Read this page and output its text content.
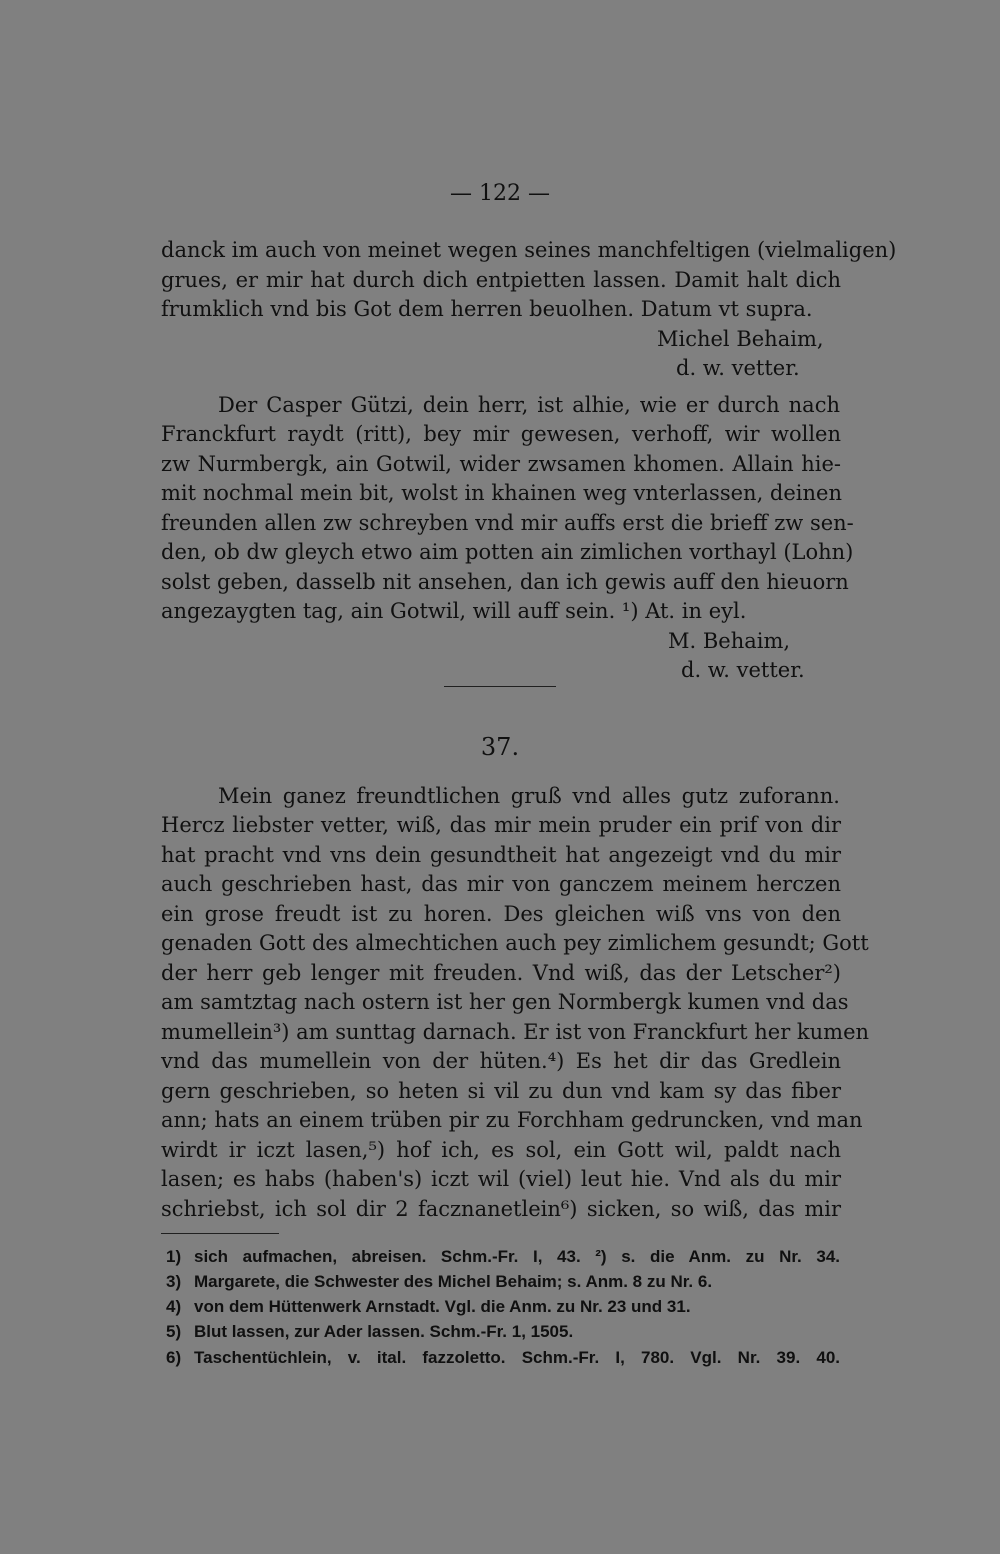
— 122 —
danck im auch von meinet wegen seines manchfeltigen (vielmaligen)
grues, er mir hat durch dich entpietten lassen. Damit halt dich
frumklich vnd bis Got dem herren beuolhen. Datum vt supra.
Michel Behaim,
d. w. vetter.
Der Casper Gützi, dein herr, ist alhie, wie er durch nach
Franckfurt raydt (ritt), bey mir gewesen, verhoff, wir wollen
zw Nurmbergk, ain Gotwil, wider zwsamen khomen. Allain hie-
mit nochmal mein bit, wolst in khainen weg vnterlassen, deinen
freunden allen zw schreyben vnd mir auffs erst die brieff zw sen-
den, ob dw gleych etwo aim potten ain zimlichen vorthayl (Lohn)
solst geben, dasselb nit ansehen, dan ich gewis auff den hieuorn
angezaygten tag, ain Gotwil, will auff sein. ¹) At. in eyl.
M. Behaim,
d. w. vetter.
37.
Mein ganez freundtlichen gruß vnd alles gutz zuforann.
Hercz liebster vetter, wiß, das mir mein pruder ein prif von dir
hat pracht vnd vns dein gesundtheit hat angezeigt vnd du mir
auch geschrieben hast, das mir von ganczem meinem herczen
ein grose freudt ist zu horen. Des gleichen wiß vns von den
genaden Gott des almechtichen auch pey zimlichem gesundt; Gott
der herr geb lenger mit freuden. Vnd wiß, das der Letscher²)
am samtztag nach ostern ist her gen Normbergk kumen vnd das
mumellein³) am sunttag darnach. Er ist von Franckfurt her kumen
vnd das mumellein von der hüten.⁴) Es het dir das Gredlein
gern geschrieben, so heten si vil zu dun vnd kam sy das fiber
ann; hats an einem trüben pir zu Forchham gedruncken, vnd man
wirdt ir iczt lasen,⁵) hof ich, es sol, ein Gott wil, paldt nach
lasen; es habs (haben's) iczt wil (viel) leut hie. Vnd als du mir
schriebst, ich sol dir 2 facznanetlein⁶) sicken, so wiß, das mir
1) sich aufmachen, abreisen. Schm.-Fr. I, 43. ²) s. die Anm. zu Nr. 34.
3) Margarete, die Schwester des Michel Behaim; s. Anm. 8 zu Nr. 6.
4) von dem Hüttenwerk Arnstadt. Vgl. die Anm. zu Nr. 23 und 31.
5) Blut lassen, zur Ader lassen. Schm.-Fr. 1, 1505.
6) Taschentüchlein, v. ital. fazzoletto. Schm.-Fr. I, 780. Vgl. Nr. 39. 40.
